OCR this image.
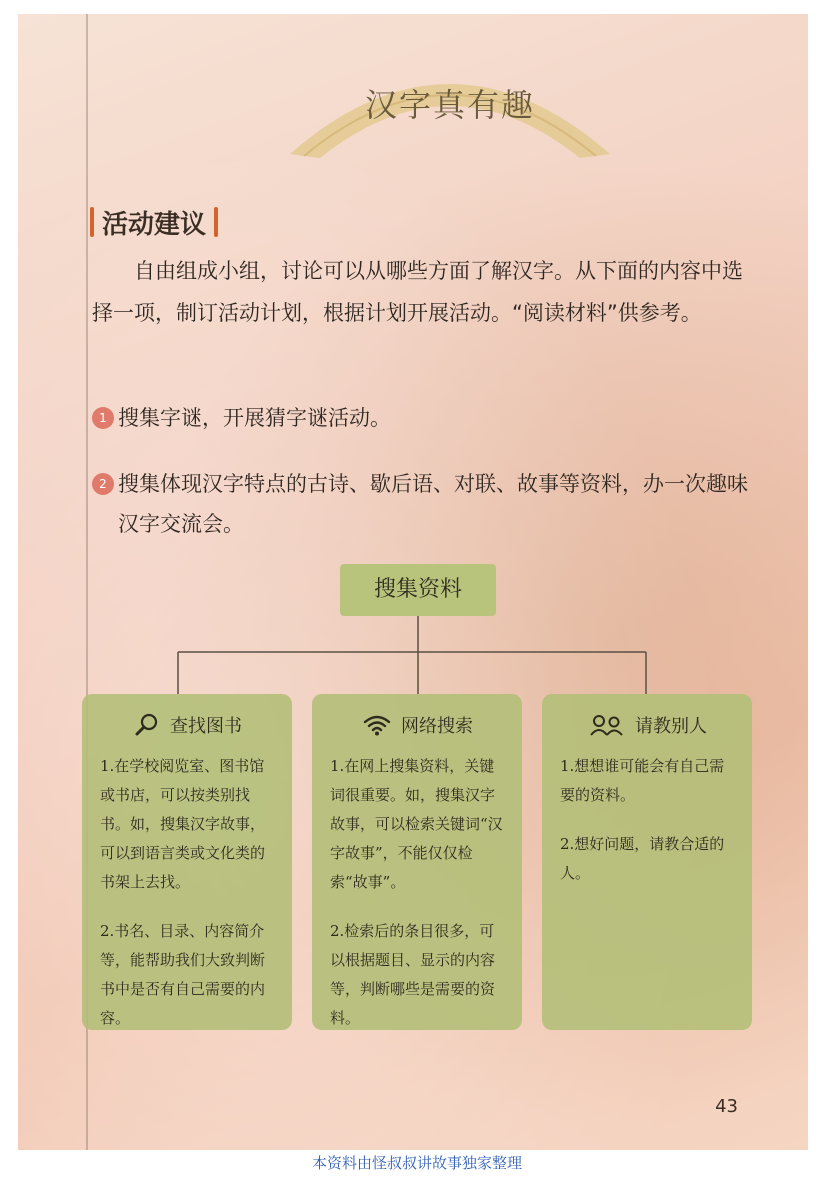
汉字真有趣
活动建议

自由组成小组，讨论可以从哪些方面了解汉字。从下面的内容中选择一项，制订活动计划，根据计划开展活动。“阅读材料”供参考。

1 搜集字谜，开展猜字谜活动。
2 搜集体现汉字特点的古诗、歇后语、对联、故事等资料，办一次趣味汉字交流会。
搜集资料
查找图书

1.在学校阅览室、图书馆或书店，可以按类别找书。如，搜集汉字故事，可以到语言类或文化类的书架上去找。

2.书名、目录、内容简介等，能帮助我们大致判断书中是否有自己需要的内容。

网络搜索

1.在网上搜集资料，关键词很重要。如，搜集汉字故事，可以检索关键词“汉字故事”，不能仅仅检索“故事”。

2.检索后的条目很多，可以根据题目、显示的内容等，判断哪些是需要的资料。

请教别人

1.想想谁可能会有自己需要的资料。

2.想好问题，请教合适的人。

43
本资料由怪叔叔讲故事独家整理
